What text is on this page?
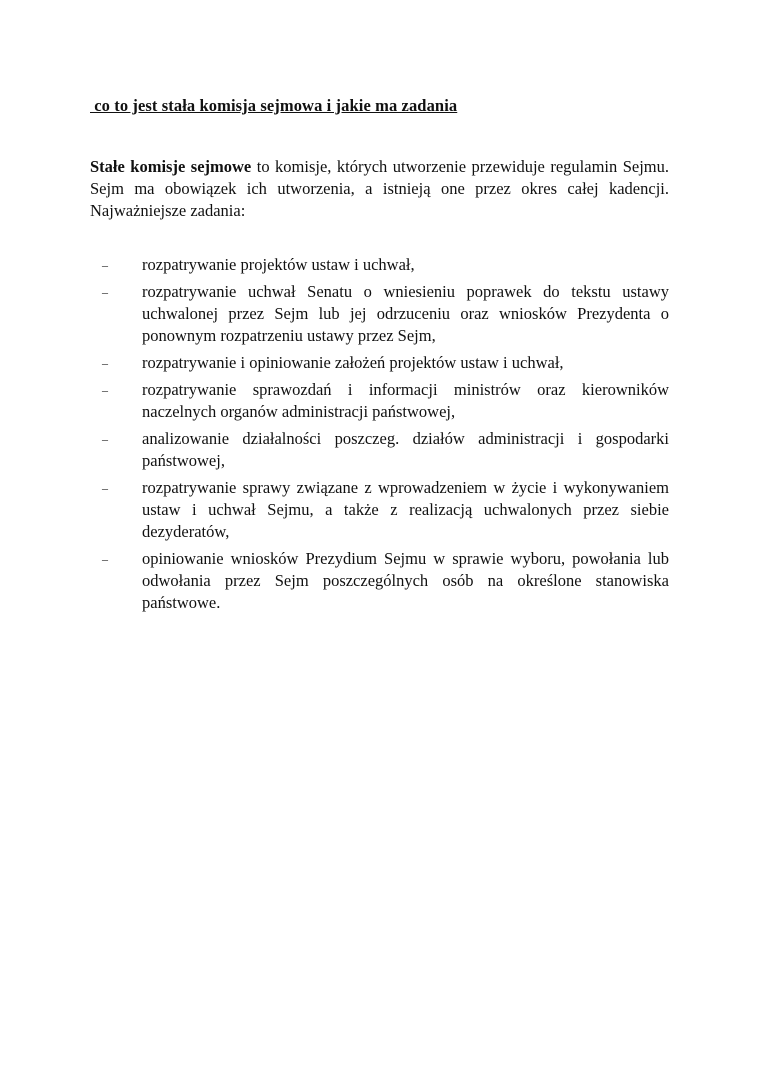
co to jest stała komisja sejmowa i jakie ma zadania

Stałe komisje sejmowe to komisje, których utworzenie przewiduje regulamin Sejmu. Sejm ma obowiązek ich utworzenia, a istnieją one przez okres całej kadencji. Najważniejsze zadania:

– rozpatrywanie projektów ustaw i uchwał,
– rozpatrywanie uchwał Senatu o wniesieniu poprawek do tekstu ustawy uchwalonej przez Sejm lub jej odrzuceniu oraz wniosków Prezydenta o ponownym rozpatrzeniu ustawy przez Sejm,
– rozpatrywanie i opiniowanie założeń projektów ustaw i uchwał,
– rozpatrywanie sprawozdań i informacji ministrów oraz kierowników naczelnych organów administracji państwowej,
– analizowanie działalności poszczeg. działów administracji i gospodarki państwowej,
– rozpatrywanie sprawy związane z wprowadzeniem w życie i wykonywaniem ustaw i uchwał Sejmu, a także z realizacją uchwalonych przez siebie dezyderatów,
– opiniowanie wniosków Prezydium Sejmu w sprawie wyboru, powołania lub odwołania przez Sejm poszczególnych osób na określone stanowiska państwowe.
